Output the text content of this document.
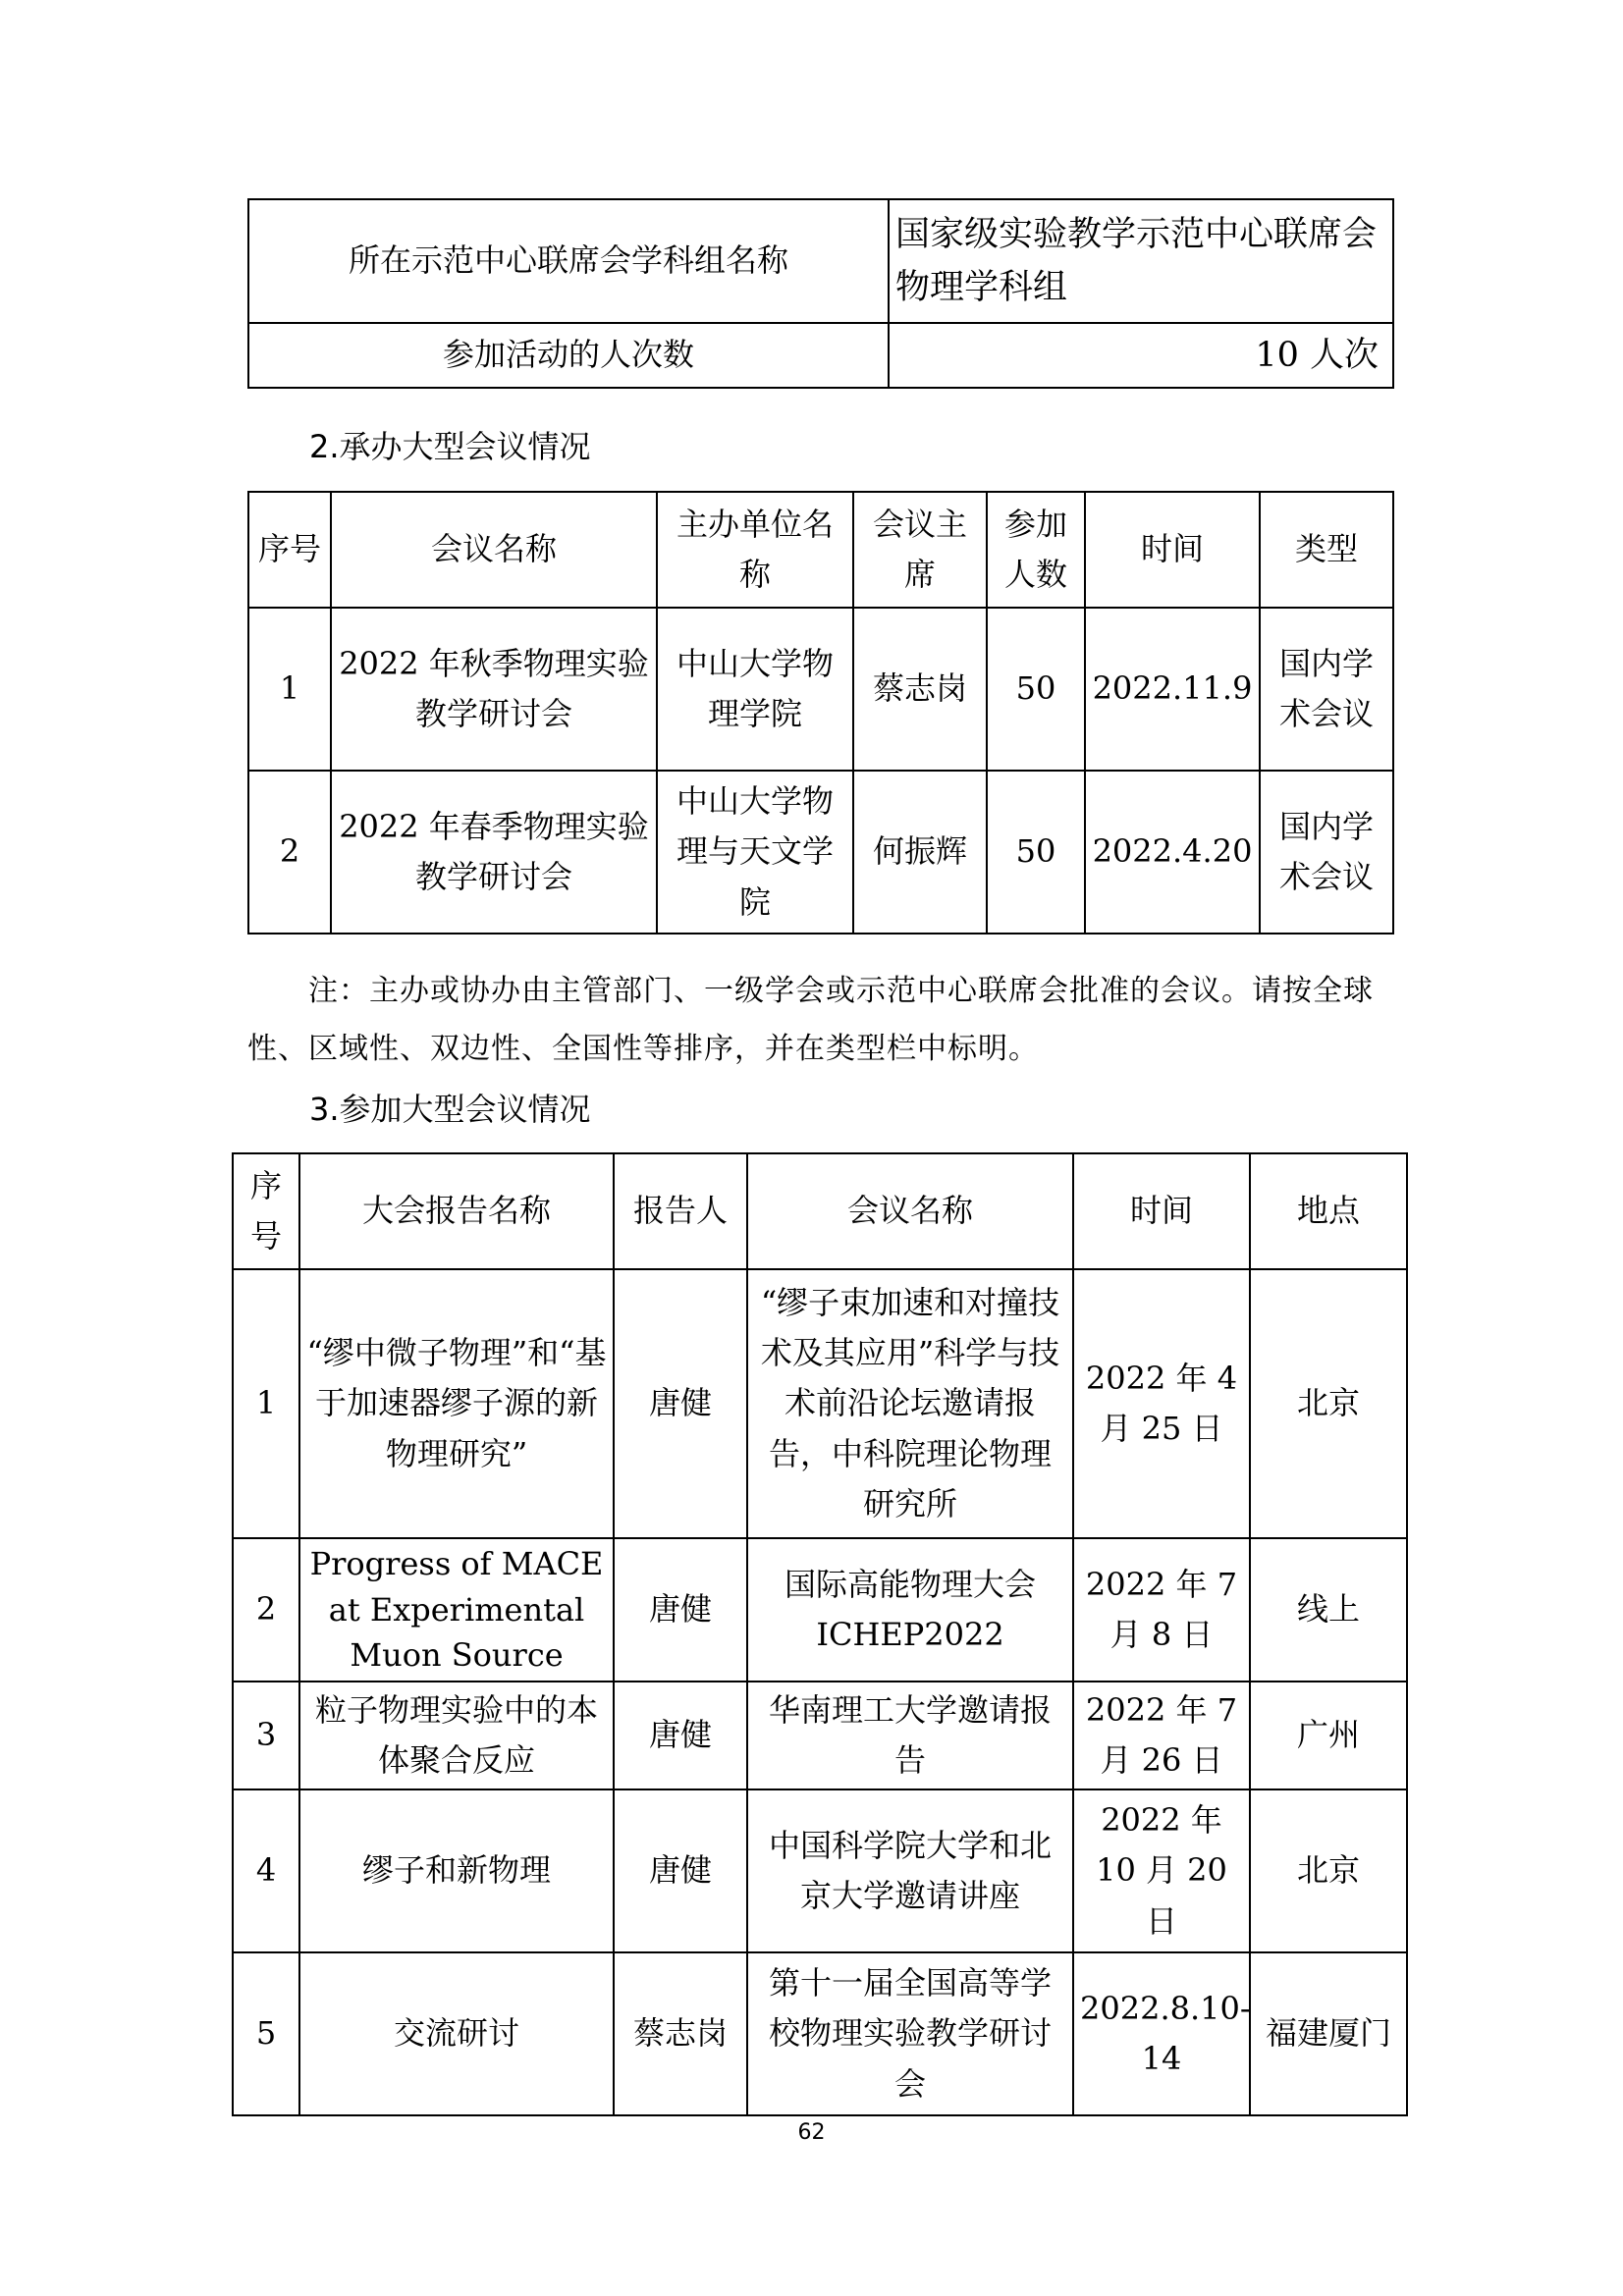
所在示范中心联席会学科组名称	国家级实验教学示范中心联席会物理学科组
参加活动的人次数	10 人次
2.承办大型会议情况
序号	会议名称	主办单位名称	会议主席	参加人数	时间	类型
1	2022 年秋季物理实验教学研讨会	中山大学物理学院	蔡志岗	50	2022.11.9	国内学术会议
2	2022 年春季物理实验教学研讨会	中山大学物理与天文学院	何振辉	50	2022.4.20	国内学术会议
注：主办或协办由主管部门、一级学会或示范中心联席会批准的会议。请按全球性、区域性、双边性、全国性等排序，并在类型栏中标明。
3.参加大型会议情况
序号	大会报告名称	报告人	会议名称	时间	地点
1	“缪中微子物理”和“基于加速器缪子源的新物理研究”	唐健	“缪子束加速和对撞技术及其应用”科学与技术前沿论坛邀请报告，中科院理论物理研究所	2022 年 4 月 25 日	北京
2	Progress of MACE at Experimental Muon Source	唐健	国际高能物理大会 ICHEP2022	2022 年 7 月 8 日	线上
3	粒子物理实验中的本体聚合反应	唐健	华南理工大学邀请报告	2022 年 7 月 26 日	广州
4	缪子和新物理	唐健	中国科学院大学和北京大学邀请讲座	2022 年 10 月 20 日	北京
5	交流研讨	蔡志岗	第十一届全国高等学校物理实验教学研讨会	2022.8.10-14	福建厦门
62
